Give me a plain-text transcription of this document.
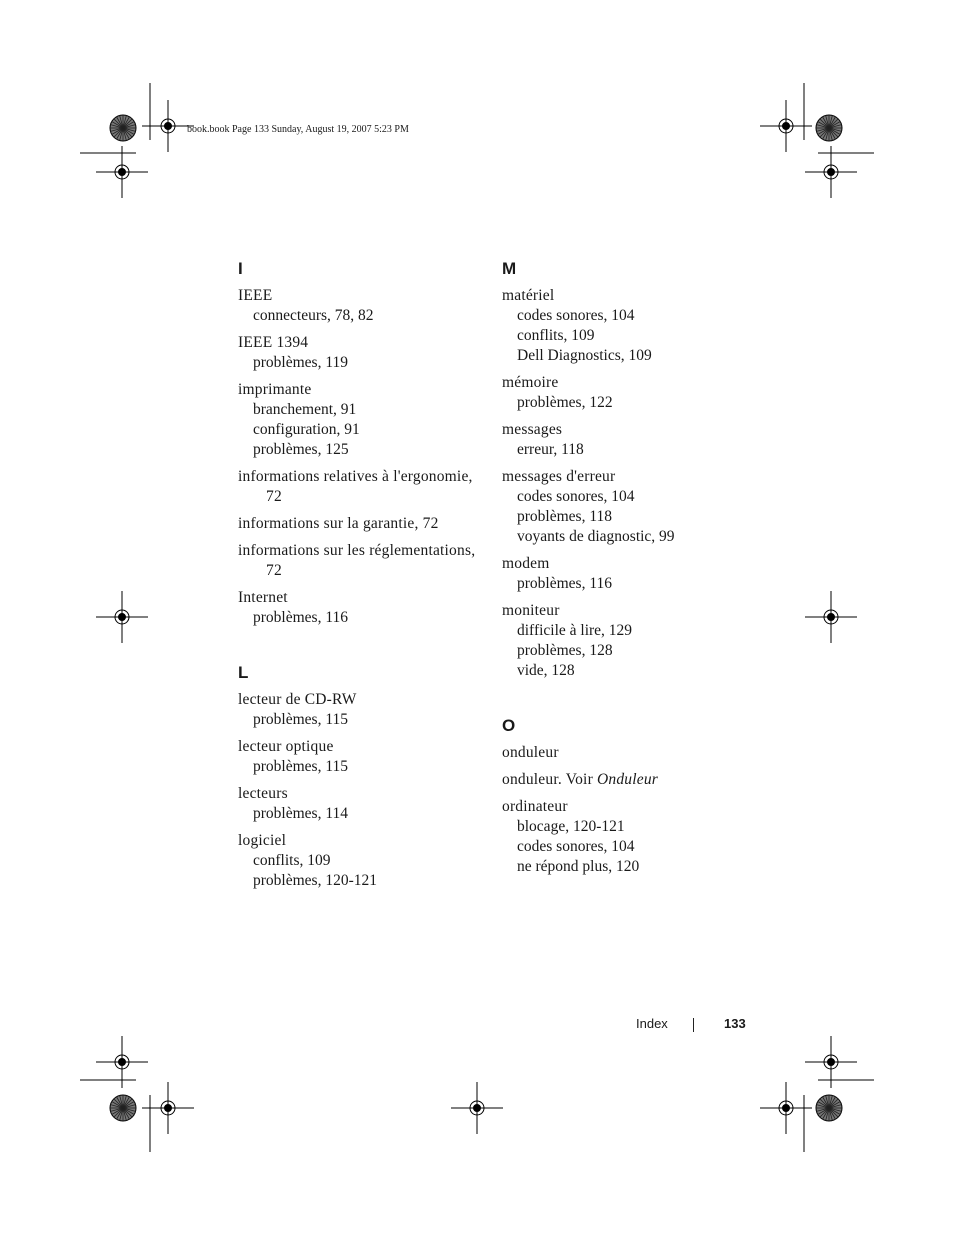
book.book Page 133 Sunday, August 19, 2007 5:23 PM
I
IEEE
connecteurs, 78, 82
IEEE 1394
problèmes, 119
imprimante
branchement, 91
configuration, 91
problèmes, 125
informations relatives à l'ergonomie, 72
informations sur la garantie, 72
informations sur les réglementations, 72
Internet
problèmes, 116
L
lecteur de CD-RW
problèmes, 115
lecteur optique
problèmes, 115
lecteurs
problèmes, 114
logiciel
conflits, 109
problèmes, 120-121
M
matériel
codes sonores, 104
conflits, 109
Dell Diagnostics, 109
mémoire
problèmes, 122
messages
erreur, 118
messages d'erreur
codes sonores, 104
problèmes, 118
voyants de diagnostic, 99
modem
problèmes, 116
moniteur
difficile à lire, 129
problèmes, 128
vide, 128
O
onduleur
onduleur. Voir Onduleur
ordinateur
blocage, 120-121
codes sonores, 104
ne répond plus, 120
Index	133
